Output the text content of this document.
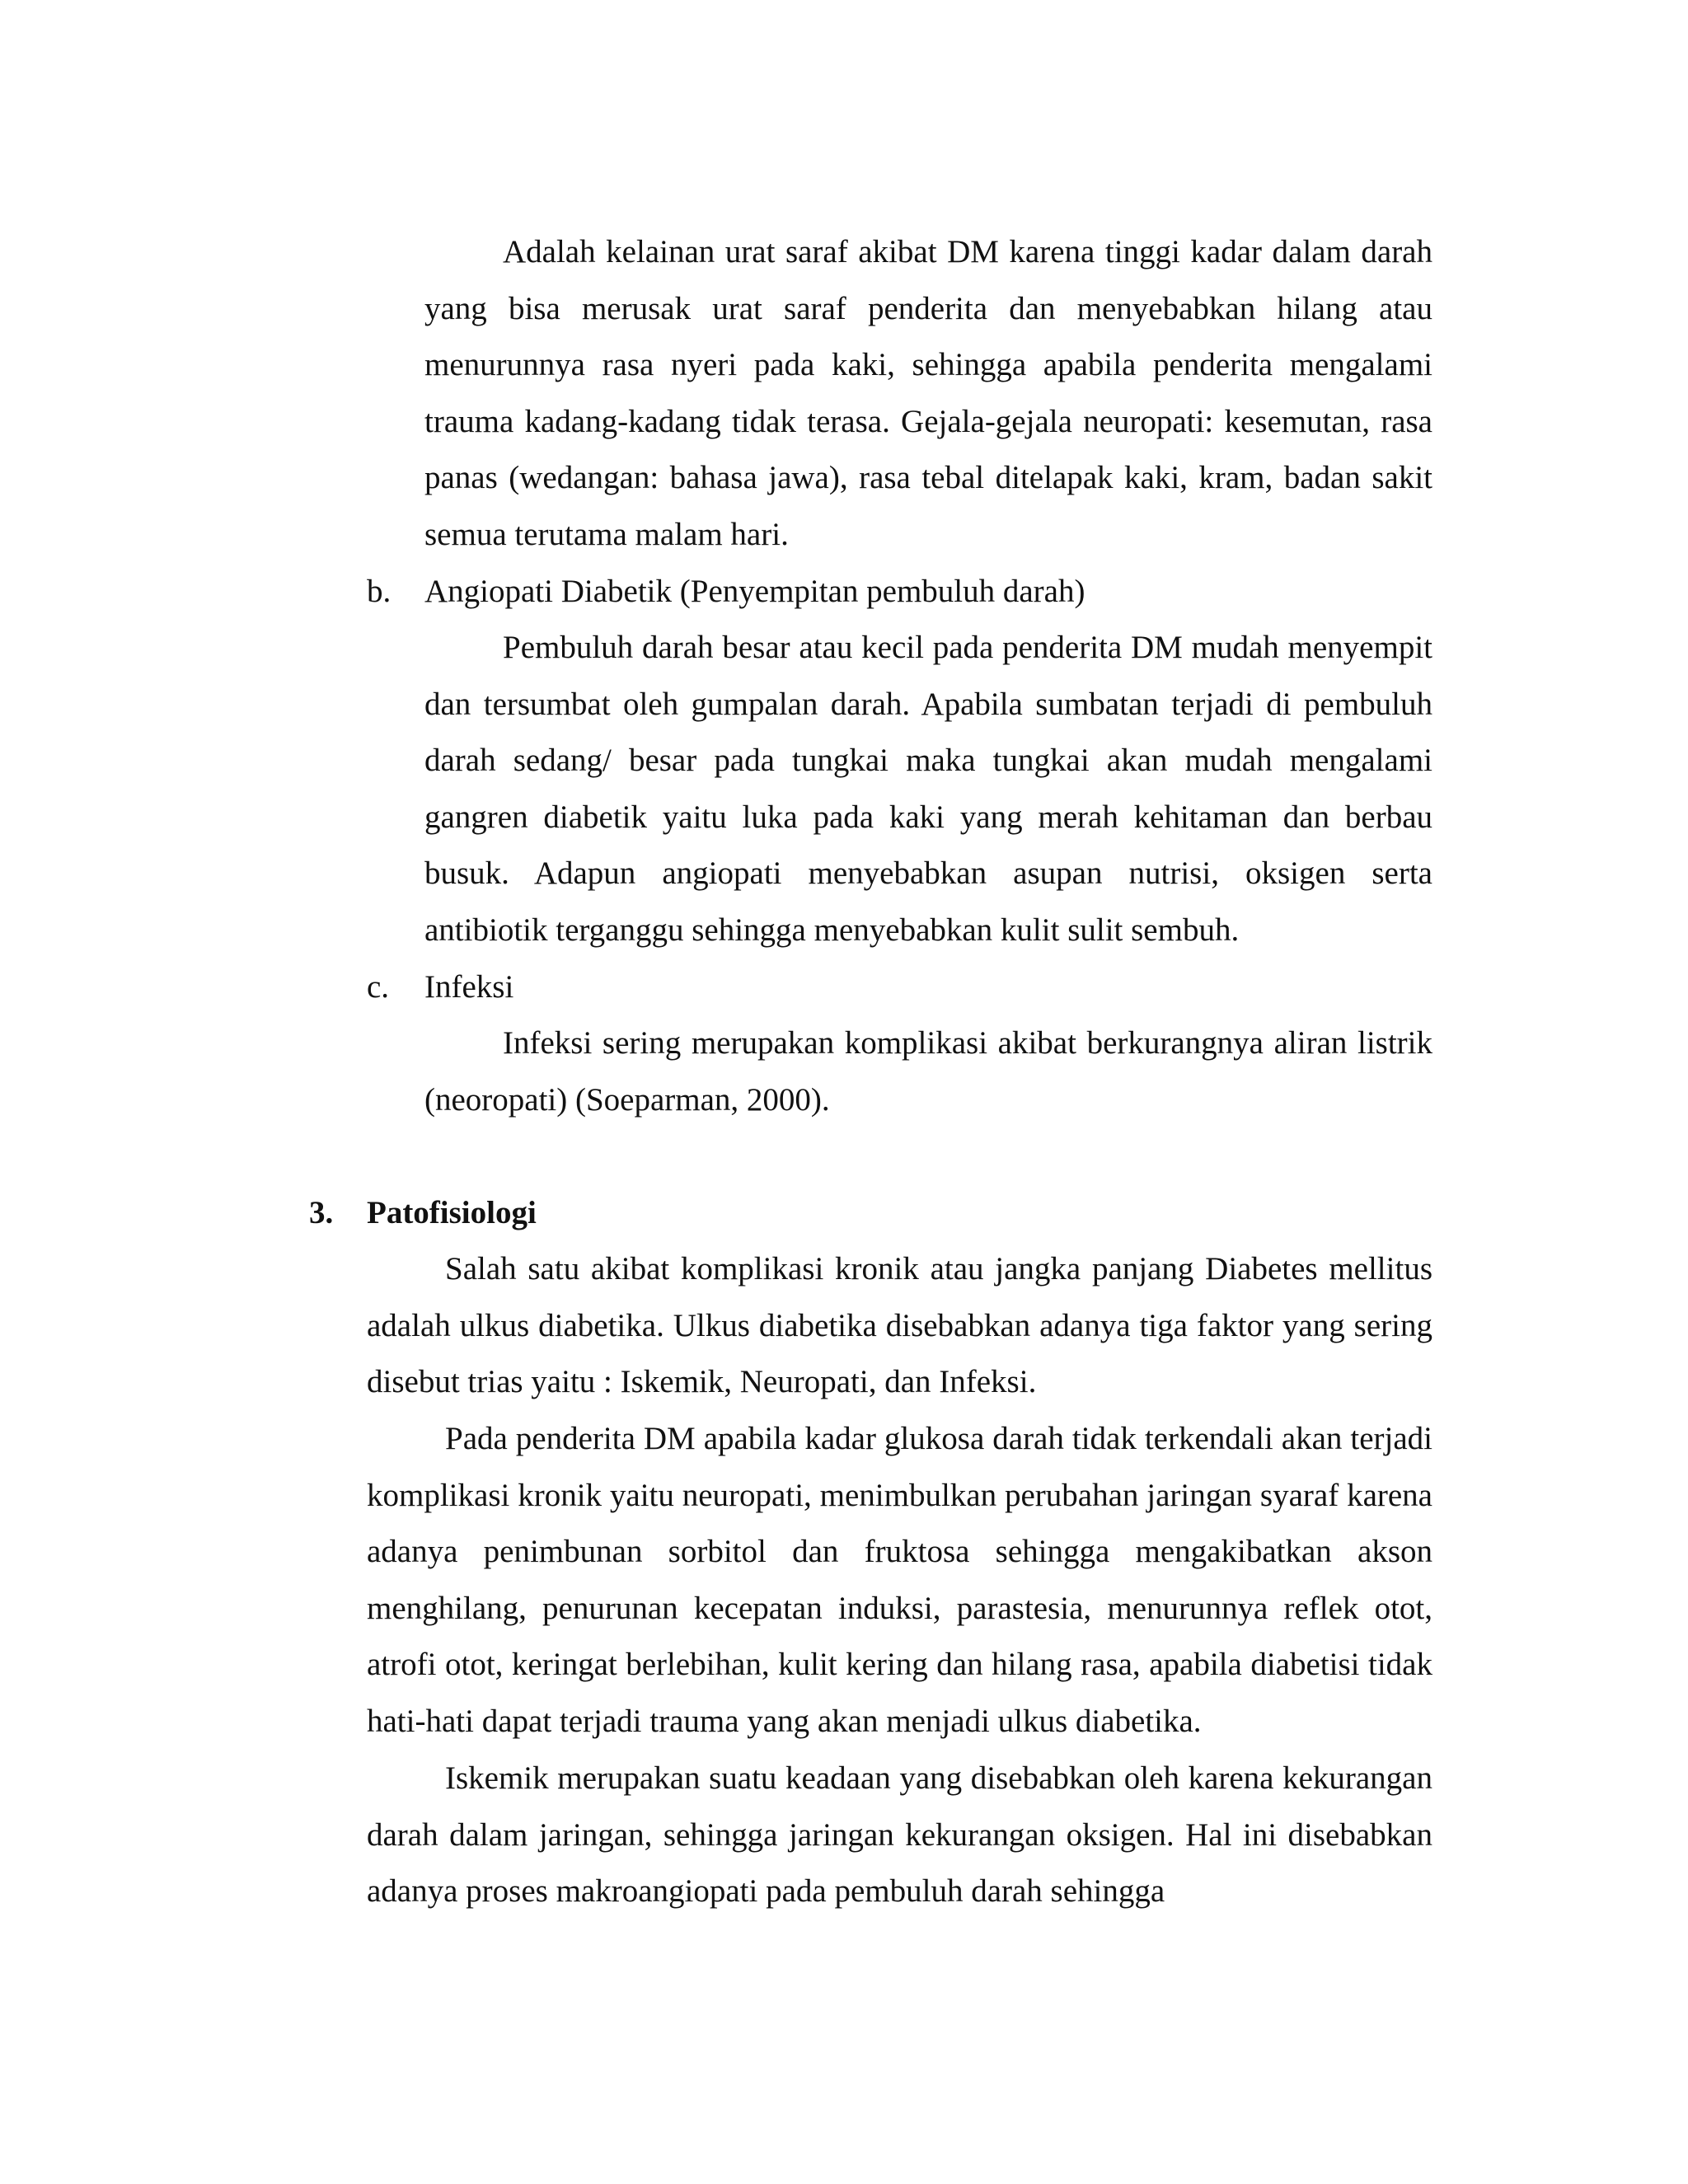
Adalah kelainan urat saraf akibat DM karena tinggi kadar dalam darah yang bisa merusak urat saraf penderita dan menyebabkan hilang atau menurunnya rasa nyeri pada kaki, sehingga apabila penderita mengalami trauma kadang-kadang tidak terasa. Gejala-gejala neuropati: kesemutan, rasa panas (wedangan: bahasa jawa), rasa tebal ditelapak kaki, kram, badan sakit semua terutama malam hari.

b. Angiopati Diabetik (Penyempitan pembuluh darah)

Pembuluh darah besar atau kecil pada penderita DM mudah menyempit dan tersumbat oleh gumpalan darah. Apabila sumbatan terjadi di pembuluh darah sedang/ besar pada tungkai maka tungkai akan mudah mengalami gangren diabetik yaitu luka pada kaki yang merah kehitaman dan berbau busuk. Adapun angiopati menyebabkan asupan nutrisi, oksigen serta antibiotik terganggu sehingga menyebabkan kulit sulit sembuh.

c. Infeksi

Infeksi sering merupakan komplikasi akibat berkurangnya aliran listrik (neoropati) (Soeparman, 2000).

3. Patofisiologi

Salah satu akibat komplikasi kronik atau jangka panjang Diabetes mellitus adalah ulkus diabetika. Ulkus diabetika disebabkan adanya tiga faktor yang sering disebut trias yaitu : Iskemik, Neuropati, dan Infeksi.

Pada penderita DM apabila kadar glukosa darah tidak terkendali akan terjadi komplikasi kronik yaitu neuropati, menimbulkan perubahan jaringan syaraf karena adanya penimbunan sorbitol dan fruktosa sehingga mengakibatkan akson menghilang, penurunan kecepatan induksi, parastesia, menurunnya reflek otot, atrofi otot, keringat berlebihan, kulit kering dan hilang rasa, apabila diabetisi tidak hati-hati dapat terjadi trauma yang akan menjadi ulkus diabetika.

Iskemik merupakan suatu keadaan yang disebabkan oleh karena kekurangan darah dalam jaringan, sehingga jaringan kekurangan oksigen. Hal ini disebabkan adanya proses makroangiopati pada pembuluh darah sehingga
